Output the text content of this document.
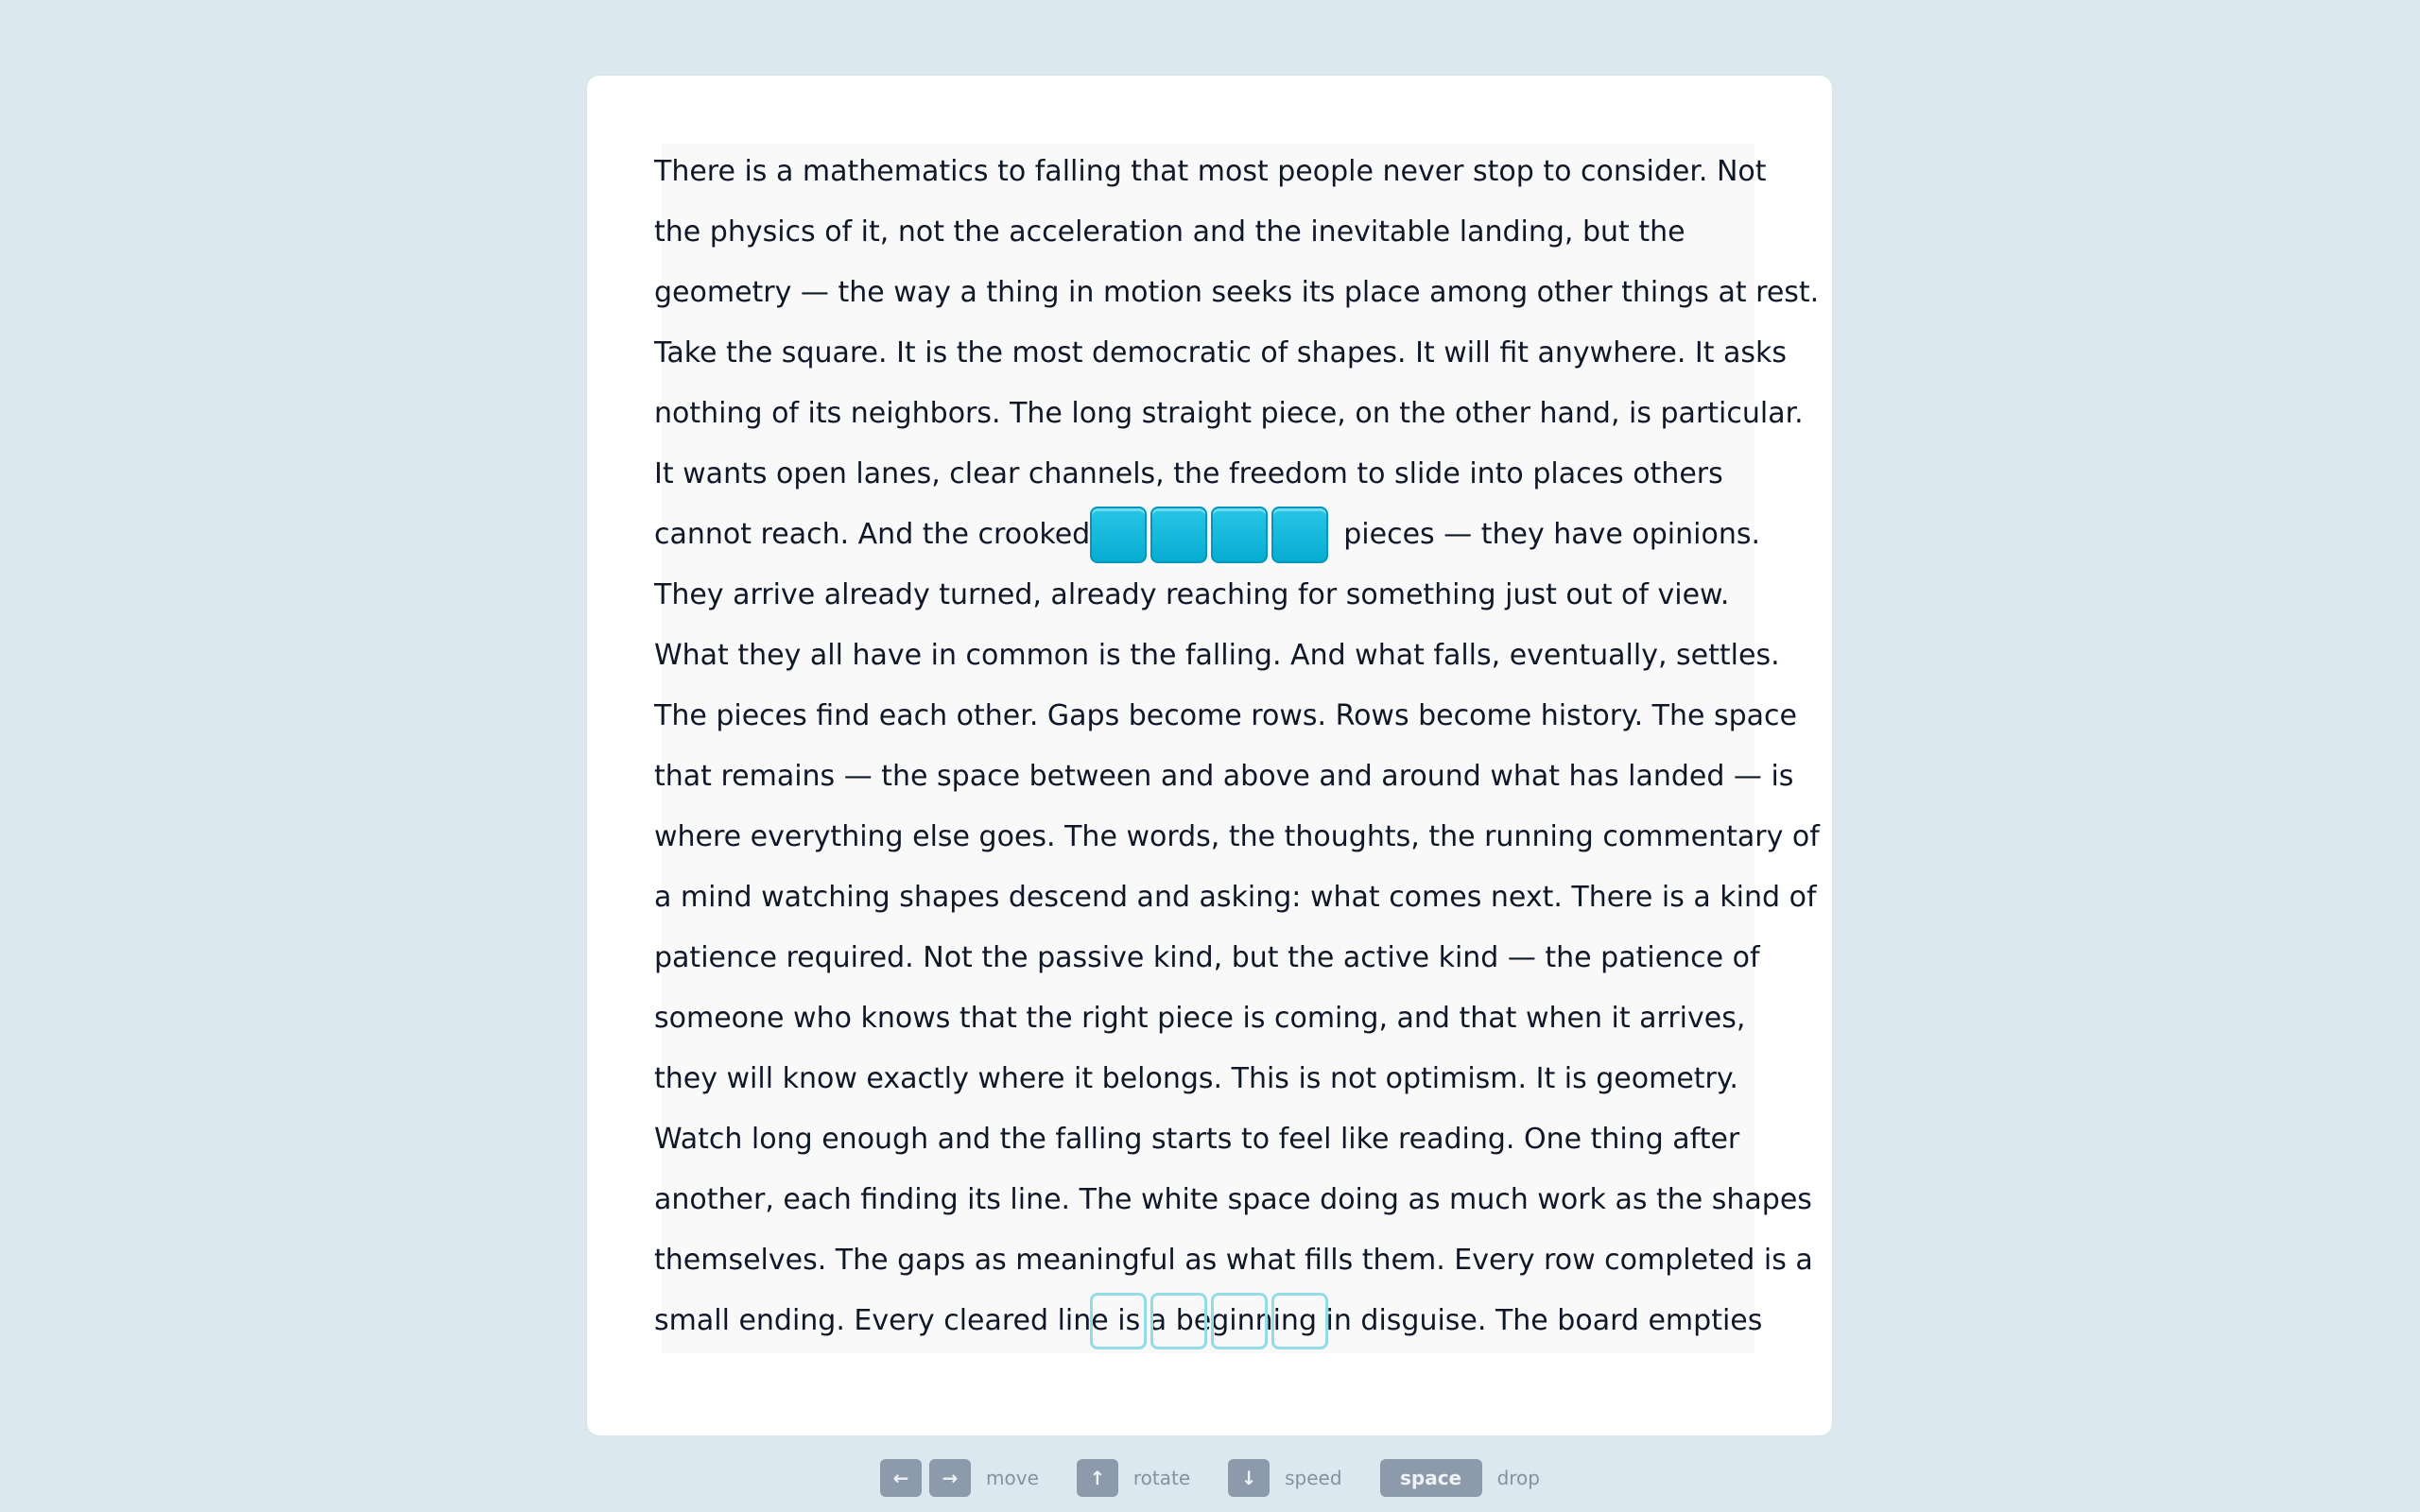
There is a mathematics to falling that most people never stop to consider. Not
the physics of it, not the acceleration and the inevitable landing, but the
geometry — the way a thing in motion seeks its place among other things at rest.
Take the square. It is the most democratic of shapes. It will fit anywhere. It asks
nothing of its neighbors. The long straight piece, on the other hand, is particular.
It wants open lanes, clear channels, the freedom to slide into places others
cannot reach. And the crooked	pieces — they have opinions.
They arrive already turned, already reaching for something just out of view.
What they all have in common is the falling. And what falls, eventually, settles.
The pieces find each other. Gaps become rows. Rows become history. The space
that remains — the space between and above and around what has landed — is
where everything else goes. The words, the thoughts, the running commentary of
a mind watching shapes descend and asking: what comes next. There is a kind of
patience required. Not the passive kind, but the active kind — the patience of
someone who knows that the right piece is coming, and that when it arrives,
they will know exactly where it belongs. This is not optimism. It is geometry.
Watch long enough and the falling starts to feel like reading. One thing after
another, each finding its line. The white space doing as much work as the shapes
themselves. The gaps as meaningful as what fills them. Every row completed is a
small ending. Every cleared line is a beginning in disguise. The board empties
←	→	move	↑	rotate	↓	speed	space	drop
